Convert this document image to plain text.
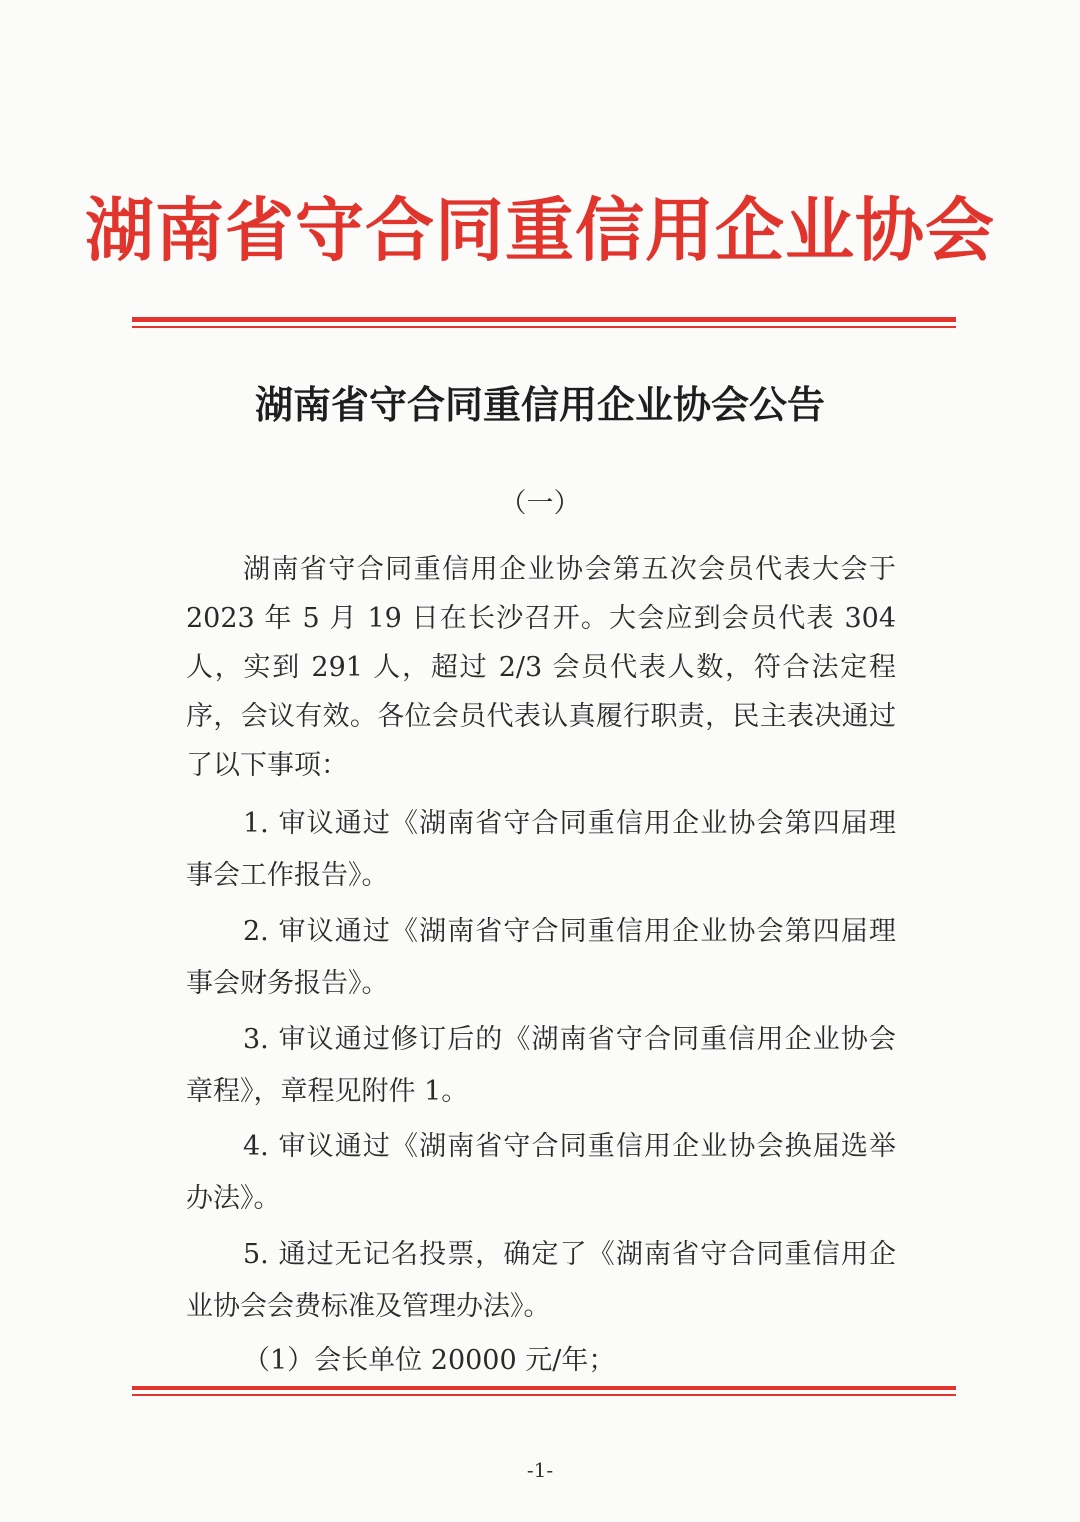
湖南省守合同重信用企业协会
湖南省守合同重信用企业协会公告
（一）
湖南省守合同重信用企业协会第五次会员代表大会于 2023 年 5 月 19 日在长沙召开。大会应到会员代表 304 人，实到 291 人，超过 2/3 会员代表人数，符合法定程序，会议有效。各位会员代表认真履行职责，民主表决通过了以下事项：
1. 审议通过《湖南省守合同重信用企业协会第四届理事会工作报告》。
2. 审议通过《湖南省守合同重信用企业协会第四届理事会财务报告》。
3. 审议通过修订后的《湖南省守合同重信用企业协会章程》，章程见附件 1。
4. 审议通过《湖南省守合同重信用企业协会换届选举办法》。
5. 通过无记名投票，确定了《湖南省守合同重信用企业协会会费标准及管理办法》。
（1）会长单位 20000 元/年；
-1-
